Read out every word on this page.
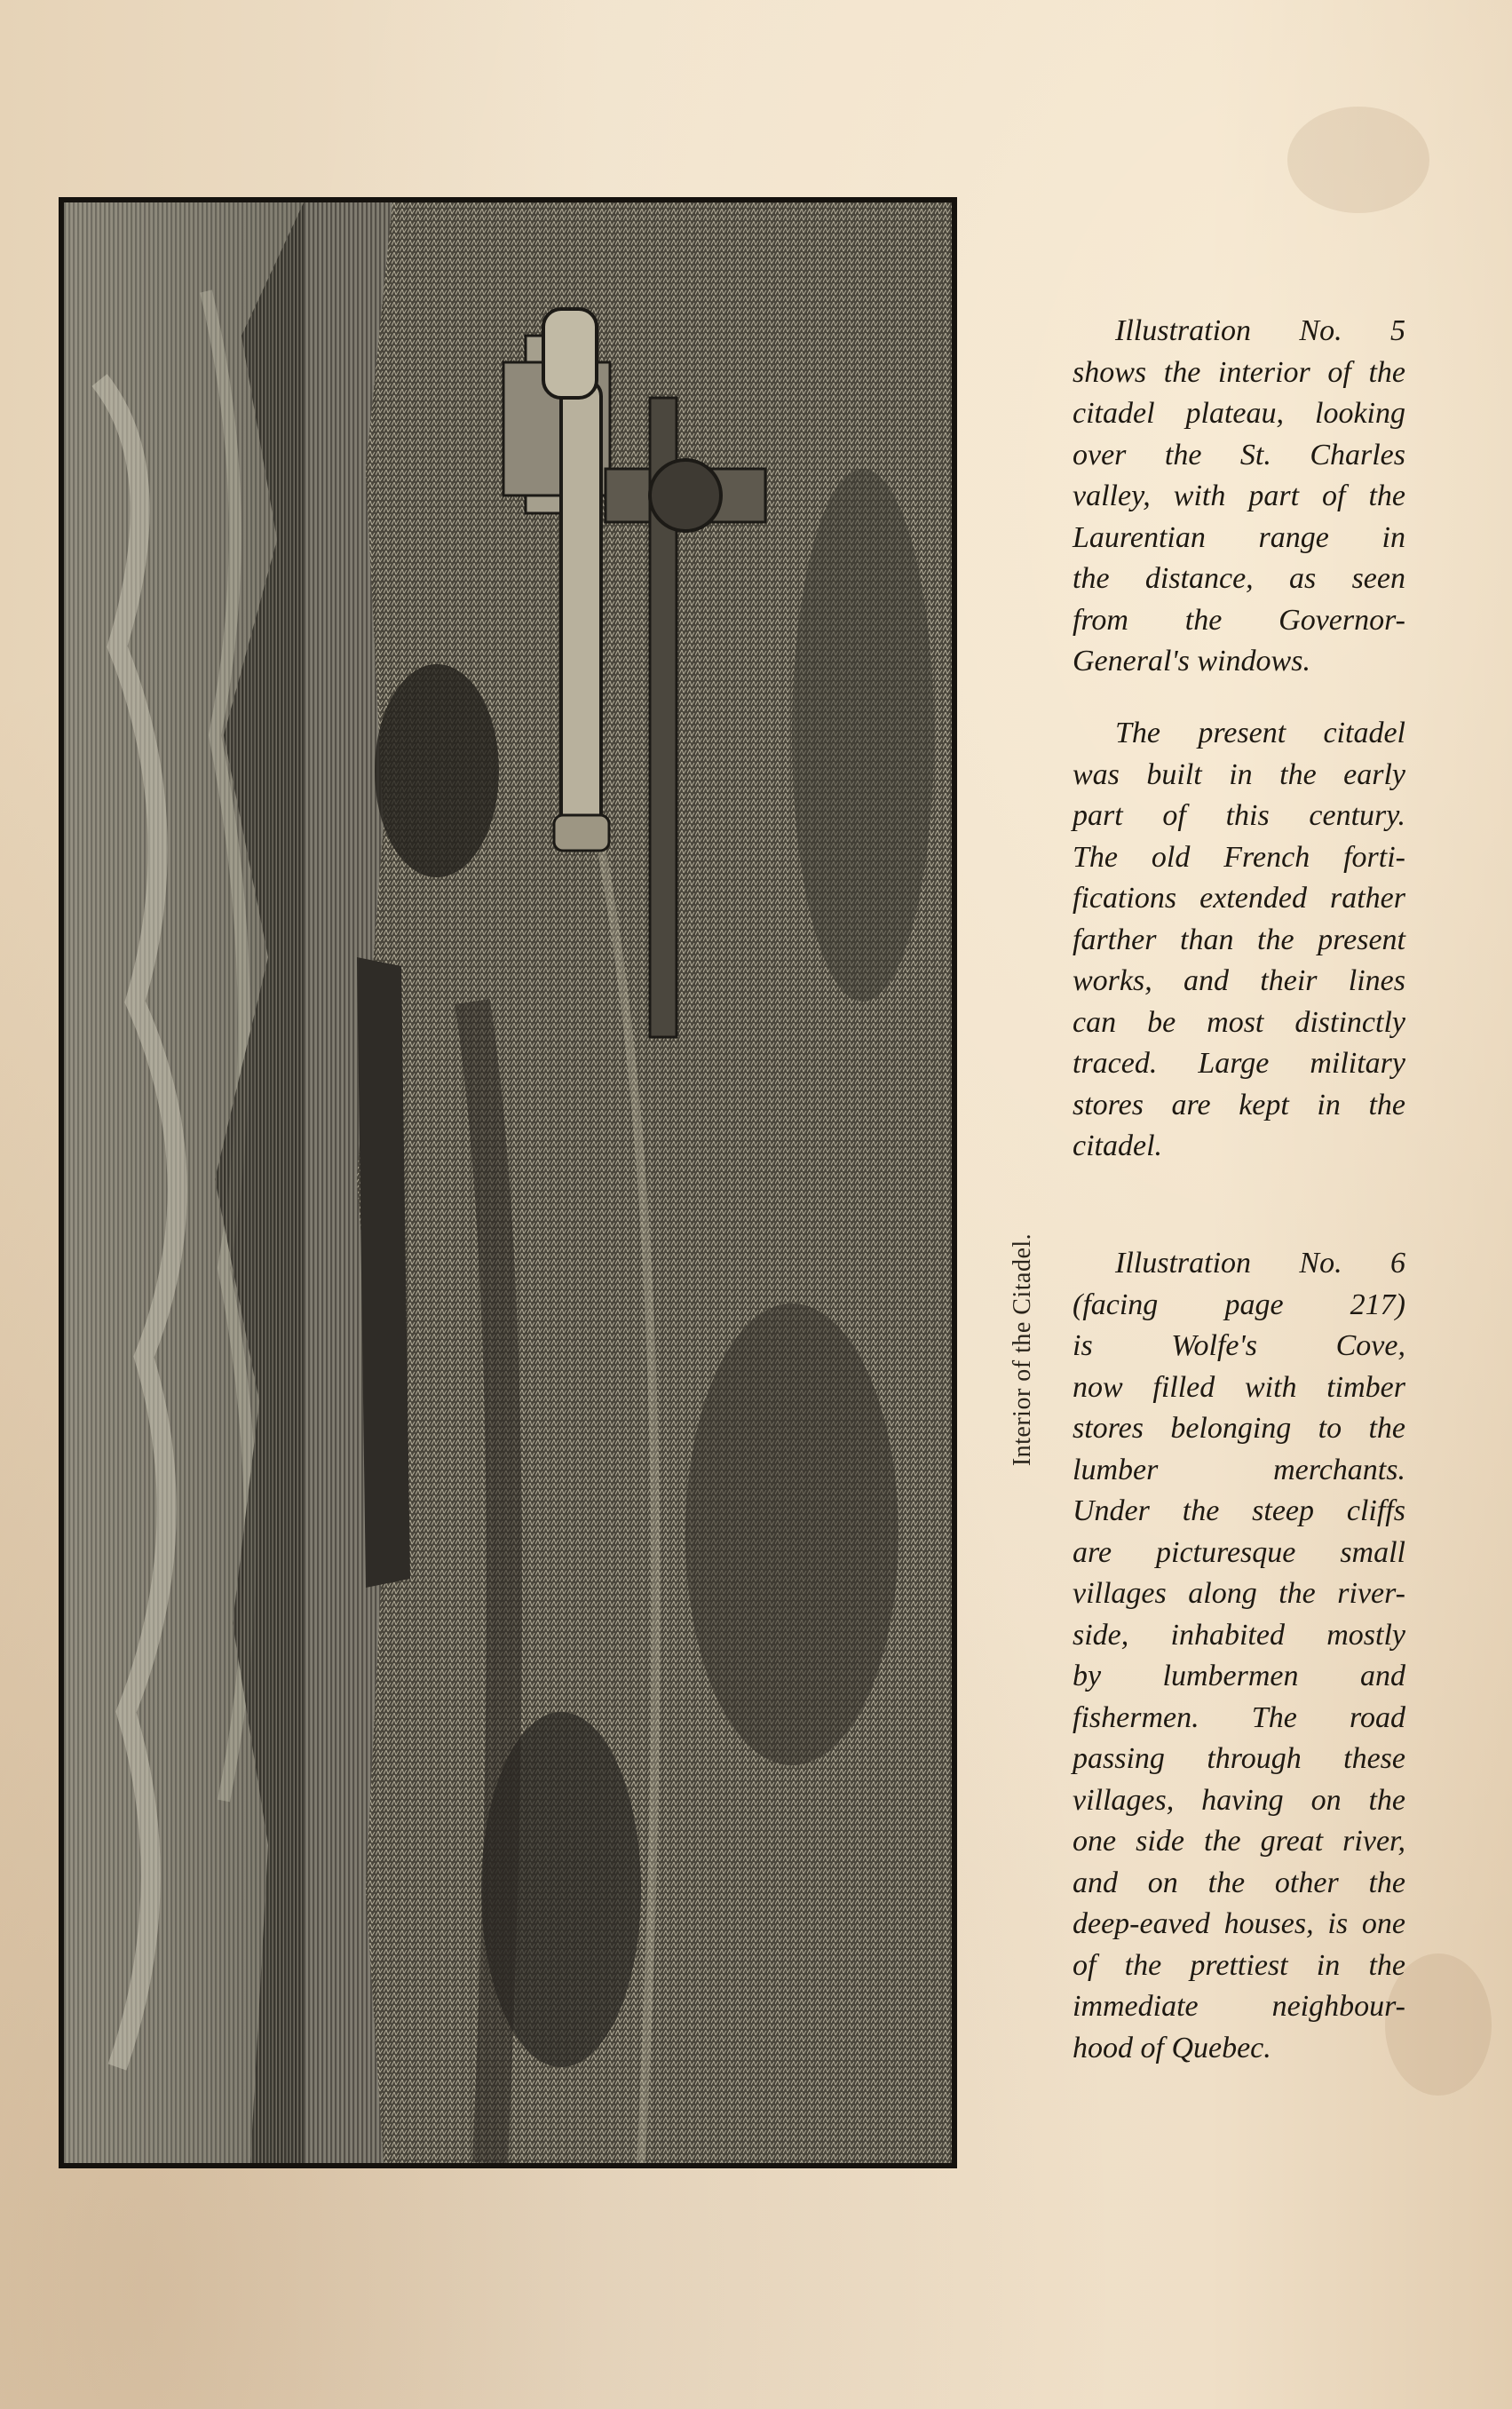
Interior of the Citadel.
Illustration No. 5
shows the interior of the
citadel plateau, looking
over the St. Charles
valley, with part of the
Laurentian range in
the distance, as seen
from the Governor-
General's windows.
The present citadel
was built in the early
part of this century.
The old French forti-
fications extended rather
farther than the present
works, and their lines
can be most distinctly
traced. Large military
stores are kept in the
citadel.
Illustration No. 6
(facing page 217)
is Wolfe's Cove,
now filled with timber
stores belonging to the
lumber merchants.
Under the steep cliffs
are picturesque small
villages along the river-
side, inhabited mostly
by lumbermen and
fishermen. The road
passing through these
villages, having on the
one side the great river,
and on the other the
deep-eaved houses, is one
of the prettiest in the
immediate neighbour-
hood of Quebec.
